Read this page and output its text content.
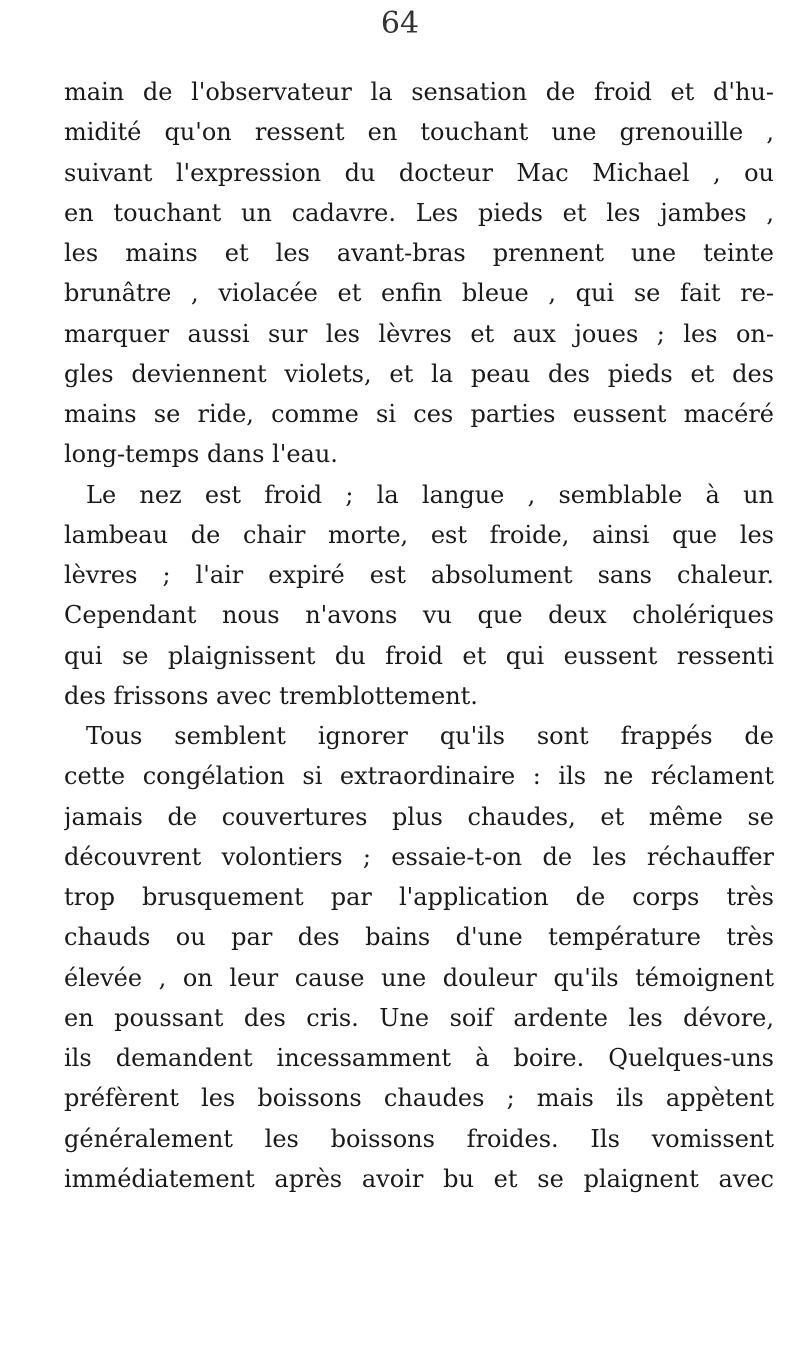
64
main de l'observateur la sensation de froid et d'hu-
midité qu'on ressent en touchant une grenouille ,
suivant l'expression du docteur Mac Michael , ou
en touchant un cadavre. Les pieds et les jambes ,
les mains et les avant-bras prennent une teinte
brunâtre , violacée et enfin bleue , qui se fait re-
marquer aussi sur les lèvres et aux joues ; les on-
gles deviennent violets, et la peau des pieds et des
mains se ride, comme si ces parties eussent macéré
long-temps dans l'eau.
Le nez est froid ; la langue , semblable à un
lambeau de chair morte, est froide, ainsi que les
lèvres ; l'air expiré est absolument sans chaleur.
Cependant nous n'avons vu que deux cholériques
qui se plaignissent du froid et qui eussent ressenti
des frissons avec tremblottement.
Tous semblent ignorer qu'ils sont frappés de
cette congélation si extraordinaire : ils ne réclament
jamais de couvertures plus chaudes, et même se
découvrent volontiers ; essaie-t-on de les réchauffer
trop brusquement par l'application de corps très
chauds ou par des bains d'une température très
élevée , on leur cause une douleur qu'ils témoignent
en poussant des cris. Une soif ardente les dévore,
ils demandent incessamment à boire. Quelques-uns
préfèrent les boissons chaudes ; mais ils appètent
généralement les boissons froides. Ils vomissent
immédiatement après avoir bu et se plaignent avec
